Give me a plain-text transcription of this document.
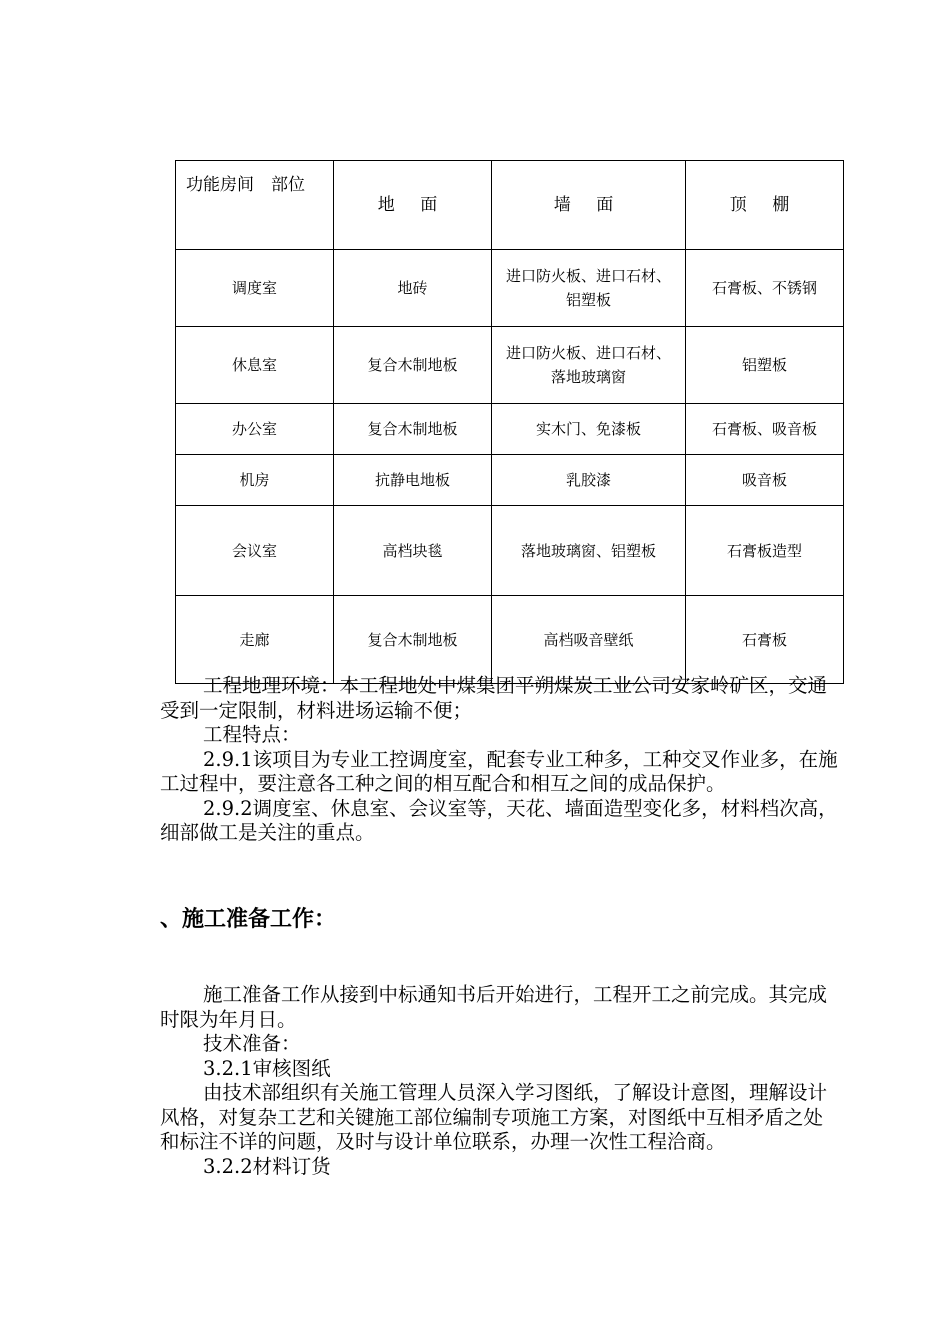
功能房间　部位	地 面	墙 面	顶 棚
调度室	地砖	进口防火板、进口石材、铝塑板	石膏板、不锈钢
休息室	复合木制地板	进口防火板、进口石材、落地玻璃窗	铝塑板
办公室	复合木制地板	实木门、免漆板	石膏板、吸音板
机房	抗静电地板	乳胶漆	吸音板
会议室	高档块毯	落地玻璃窗、铝塑板	石膏板造型
走廊	复合木制地板	高档吸音壁纸	石膏板

工程地理环境：本工程地处中煤集团平朔煤炭工业公司安家岭矿区，交通受到一定限制，材料进场运输不便；

工程特点：

2.9.1该项目为专业工控调度室，配套专业工种多，工种交叉作业多，在施工过程中，要注意各工种之间的相互配合和相互之间的成品保护。

2.9.2调度室、休息室、会议室等，天花、墙面造型变化多，材料档次高，细部做工是关注的重点。

、施工准备工作：

施工准备工作从接到中标通知书后开始进行，工程开工之前完成。其完成时限为年月日。

技术准备：

3.2.1审核图纸

由技术部组织有关施工管理人员深入学习图纸，了解设计意图，理解设计风格，对复杂工艺和关键施工部位编制专项施工方案，对图纸中互相矛盾之处和标注不详的问题，及时与设计单位联系，办理一次性工程洽商。

3.2.2材料订货
